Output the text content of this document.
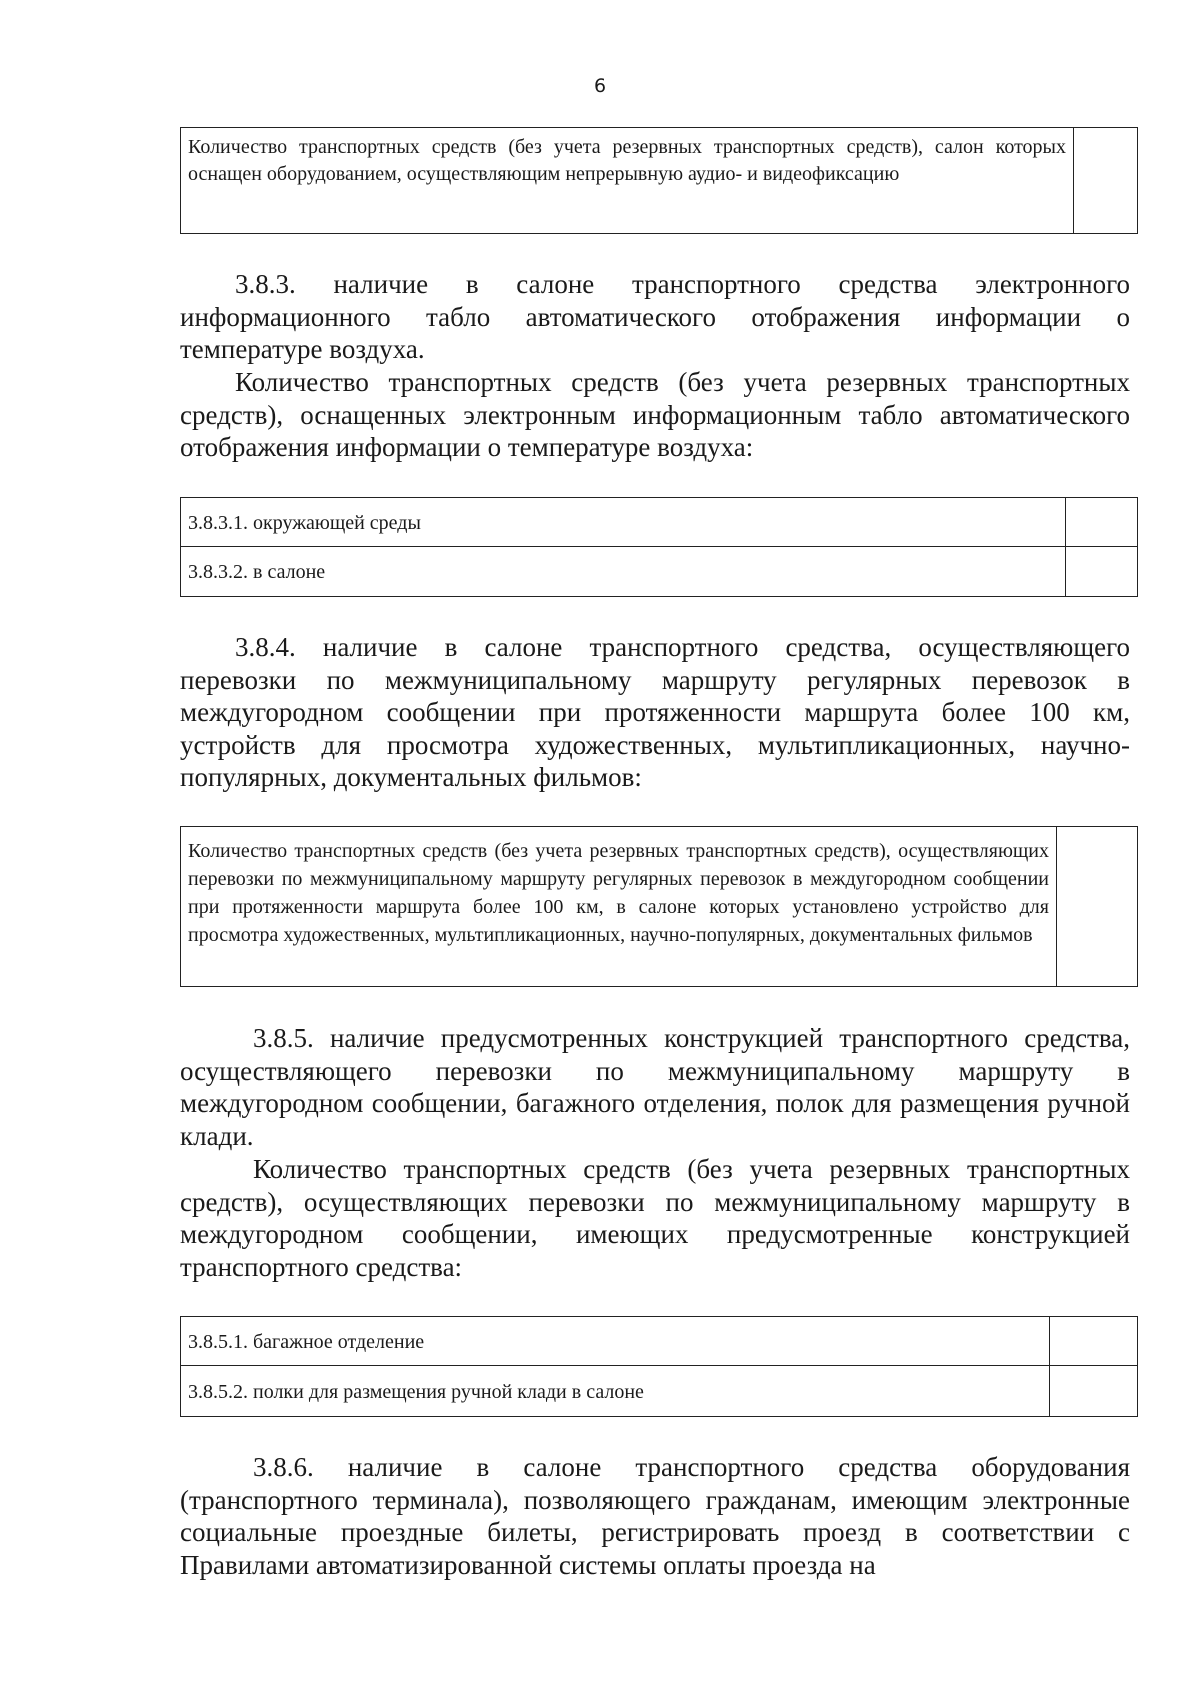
6
Количество транспортных средств (без учета резервных транспортных средств), салон которых оснащен оборудованием, осуществляющим непрерывную аудио- и видеофиксацию	

3.8.3. наличие в салоне транспортного средства электронного информационного табло автоматического отображения информации о температуре воздуха.

Количество транспортных средств (без учета резервных транспортных средств), оснащенных электронным информационным табло автоматического отображения информации о температуре воздуха:

3.8.3.1. окружающей среды	
3.8.3.2. в салоне	

3.8.4. наличие в салоне транспортного средства, осуществляющего перевозки по межмуниципальному маршруту регулярных перевозок в междугородном сообщении при протяженности маршрута более 100 км, устройств для просмотра художественных, мультипликационных, научно-популярных, документальных фильмов:

Количество транспортных средств (без учета резервных транспортных средств), осуществляющих перевозки по межмуниципальному маршруту регулярных перевозок в междугородном сообщении при протяженности маршрута более 100 км, в салоне которых установлено устройство для просмотра художественных, мультипликационных, научно-популярных, документальных фильмов	

3.8.5. наличие предусмотренных конструкцией транспортного средства, осуществляющего перевозки по межмуниципальному маршруту в междугородном сообщении, багажного отделения, полок для размещения ручной клади.

Количество транспортных средств (без учета резервных транспортных средств), осуществляющих перевозки по межмуниципальному маршруту в междугородном сообщении, имеющих предусмотренные конструкцией транспортного средства:

3.8.5.1. багажное отделение	
3.8.5.2. полки для размещения ручной клади в салоне	

3.8.6. наличие в салоне транспортного средства оборудования (транспортного терминала), позволяющего гражданам, имеющим электронные социальные проездные билеты, регистрировать проезд в соответствии с Правилами автоматизированной системы оплаты проезда на
